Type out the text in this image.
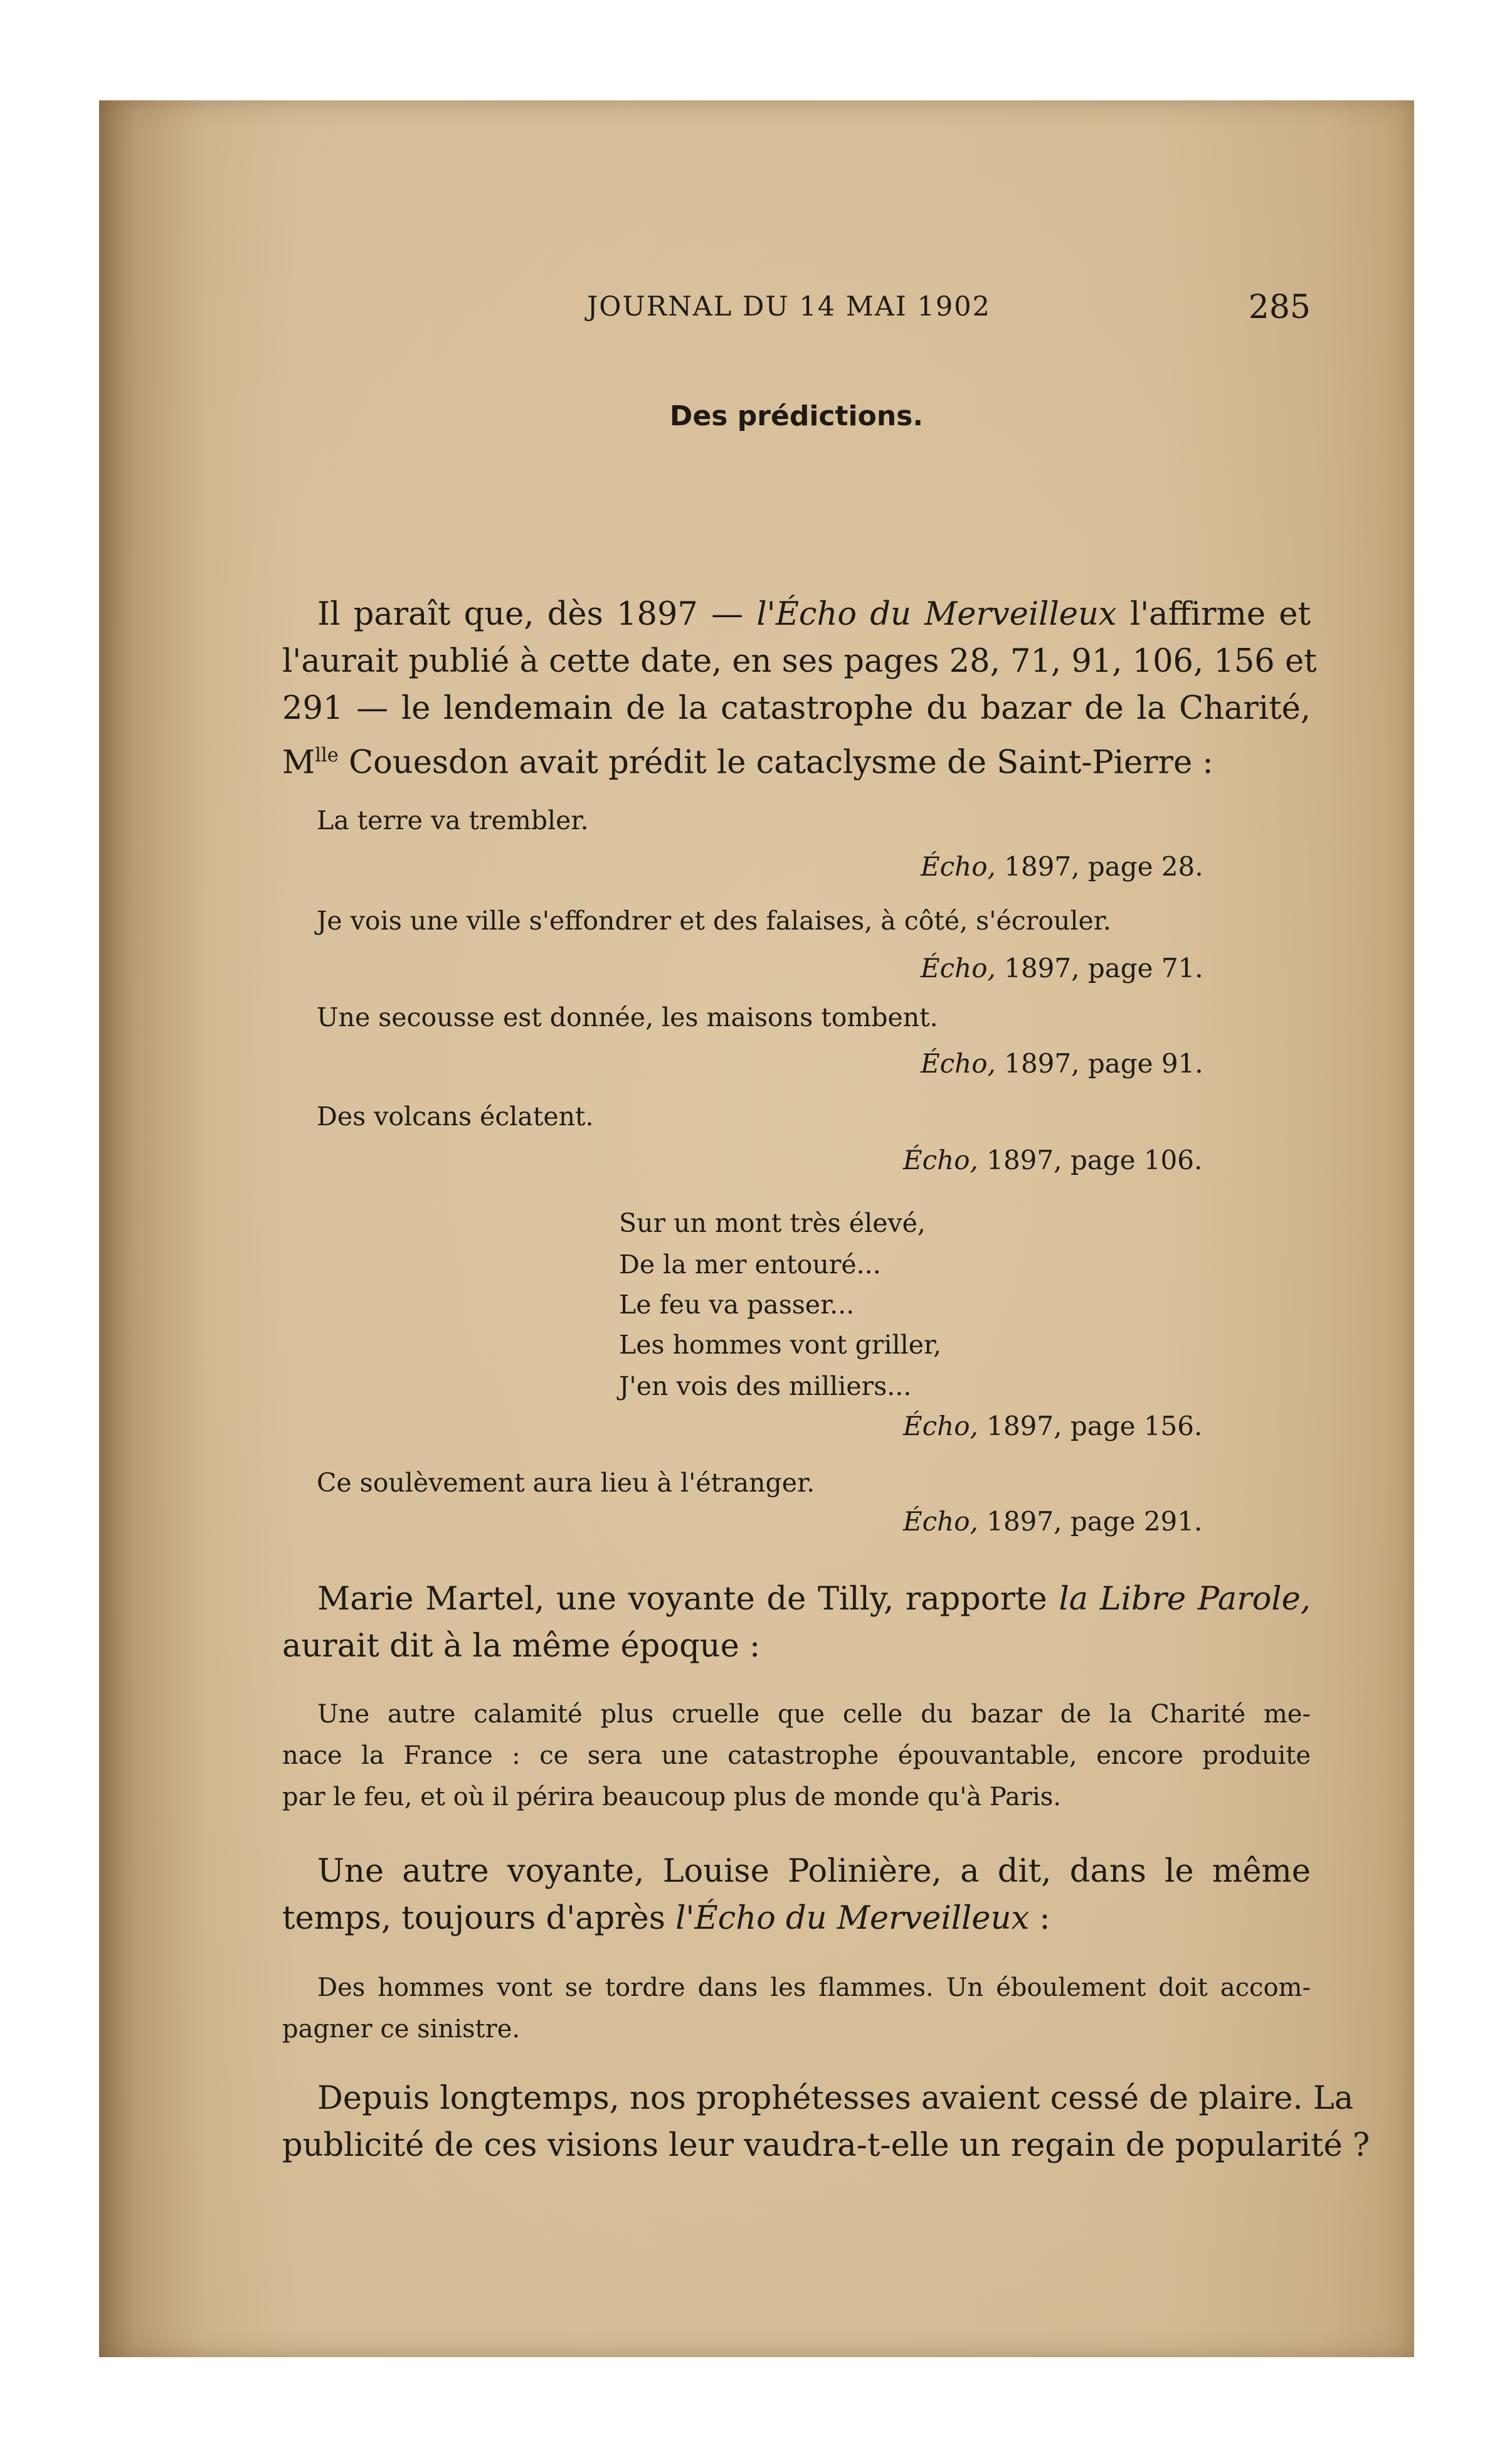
JOURNAL DU 14 MAI 1902	285
Des prédictions.
Il paraît que, dès 1897 — l'Écho du Merveilleux l'affirme et
l'aurait publié à cette date, en ses pages 28, 71, 91, 106, 156 et
291 — le lendemain de la catastrophe du bazar de la Charité,
$M^{lle}$ Couesdon avait prédit le cataclysme de Saint-Pierre :
La terre va trembler.
Écho, 1897, page 28.
Je vois une ville s'effondrer et des falaises, à côté, s'écrouler.
Écho, 1897, page 71.
Une secousse est donnée, les maisons tombent.
Écho, 1897, page 91.
Des volcans éclatent.
Écho, 1897, page 106.
Sur un mont très élevé,
De la mer entouré...
Le feu va passer...
Les hommes vont griller,
J'en vois des milliers...
Écho, 1897, page 156.
Ce soulèvement aura lieu à l'étranger.
Écho, 1897, page 291.
Marie Martel, une voyante de Tilly, rapporte la Libre Parole,
aurait dit à la même époque :
Une autre calamité plus cruelle que celle du bazar de la Charité me-
nace la France : ce sera une catastrophe épouvantable, encore produite
par le feu, et où il périra beaucoup plus de monde qu'à Paris.
Une autre voyante, Louise Polinière, a dit, dans le même
temps, toujours d'après l'Écho du Merveilleux :
Des hommes vont se tordre dans les flammes. Un éboulement doit accom-
pagner ce sinistre.
Depuis longtemps, nos prophétesses avaient cessé de plaire. La
publicité de ces visions leur vaudra-t-elle un regain de popularité ?
